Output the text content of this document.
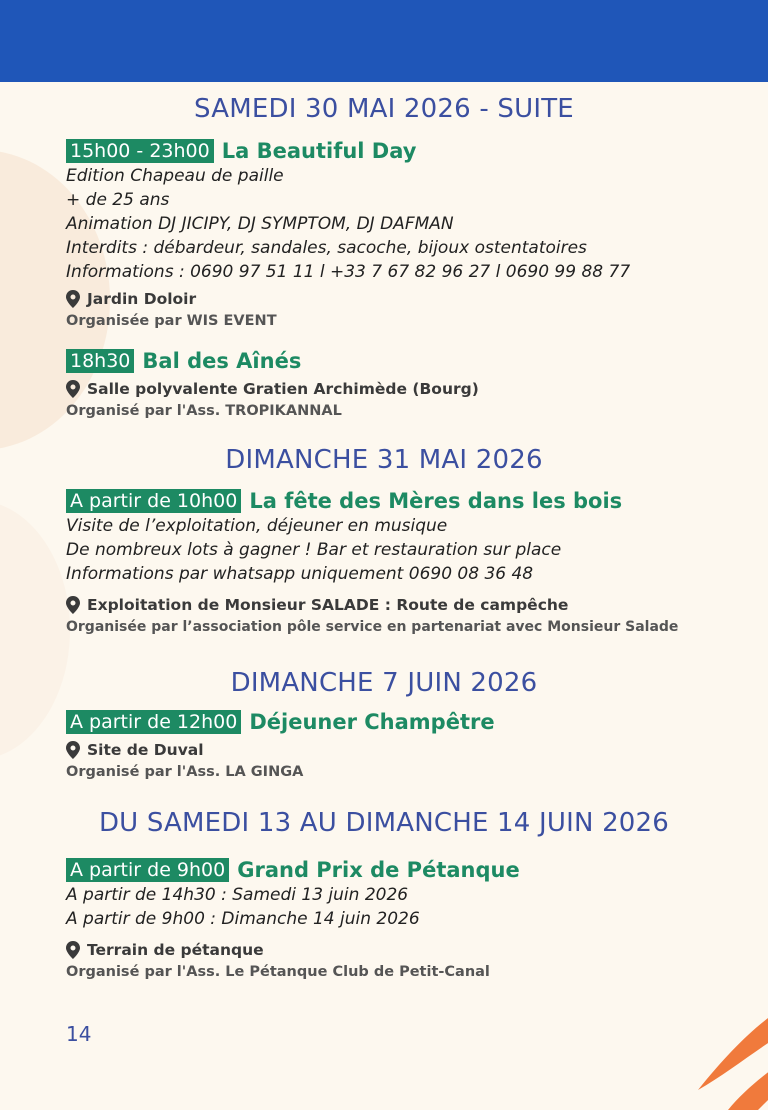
SAMEDI 30 MAI 2026 - SUITE
15h00 - 23h00 La Beautiful Day
Edition Chapeau de paille
+ de 25 ans
Animation DJ JICIPY, DJ SYMPTOM, DJ DAFMAN
Interdits : débardeur, sandales, sacoche, bijoux ostentatoires
Informations : 0690 97 51 11 l +33 7 67 82 96 27 l 0690 99 88 77
Jardin Doloir
Organisée par WIS EVENT
18h30 Bal des Aînés
Salle polyvalente Gratien Archimède (Bourg)
Organisé par l'Ass. TROPIKANNAL
DIMANCHE 31 MAI 2026
A partir de 10h00 La fête des Mères dans les bois
Visite de l’exploitation, déjeuner en musique
De nombreux lots à gagner ! Bar et restauration sur place
Informations par whatsapp uniquement 0690 08 36 48
Exploitation de Monsieur SALADE : Route de campêche
Organisée par l’association pôle service en partenariat avec Monsieur Salade
DIMANCHE 7 JUIN 2026
A partir de 12h00 Déjeuner Champêtre
Site de Duval
Organisé par l'Ass. LA GINGA
DU SAMEDI 13 AU DIMANCHE 14 JUIN 2026
A partir de 9h00 Grand Prix de Pétanque
A partir de 14h30 : Samedi 13 juin 2026
A partir de 9h00 : Dimanche 14 juin 2026
Terrain de pétanque
Organisé par l'Ass. Le Pétanque Club de Petit-Canal
14
